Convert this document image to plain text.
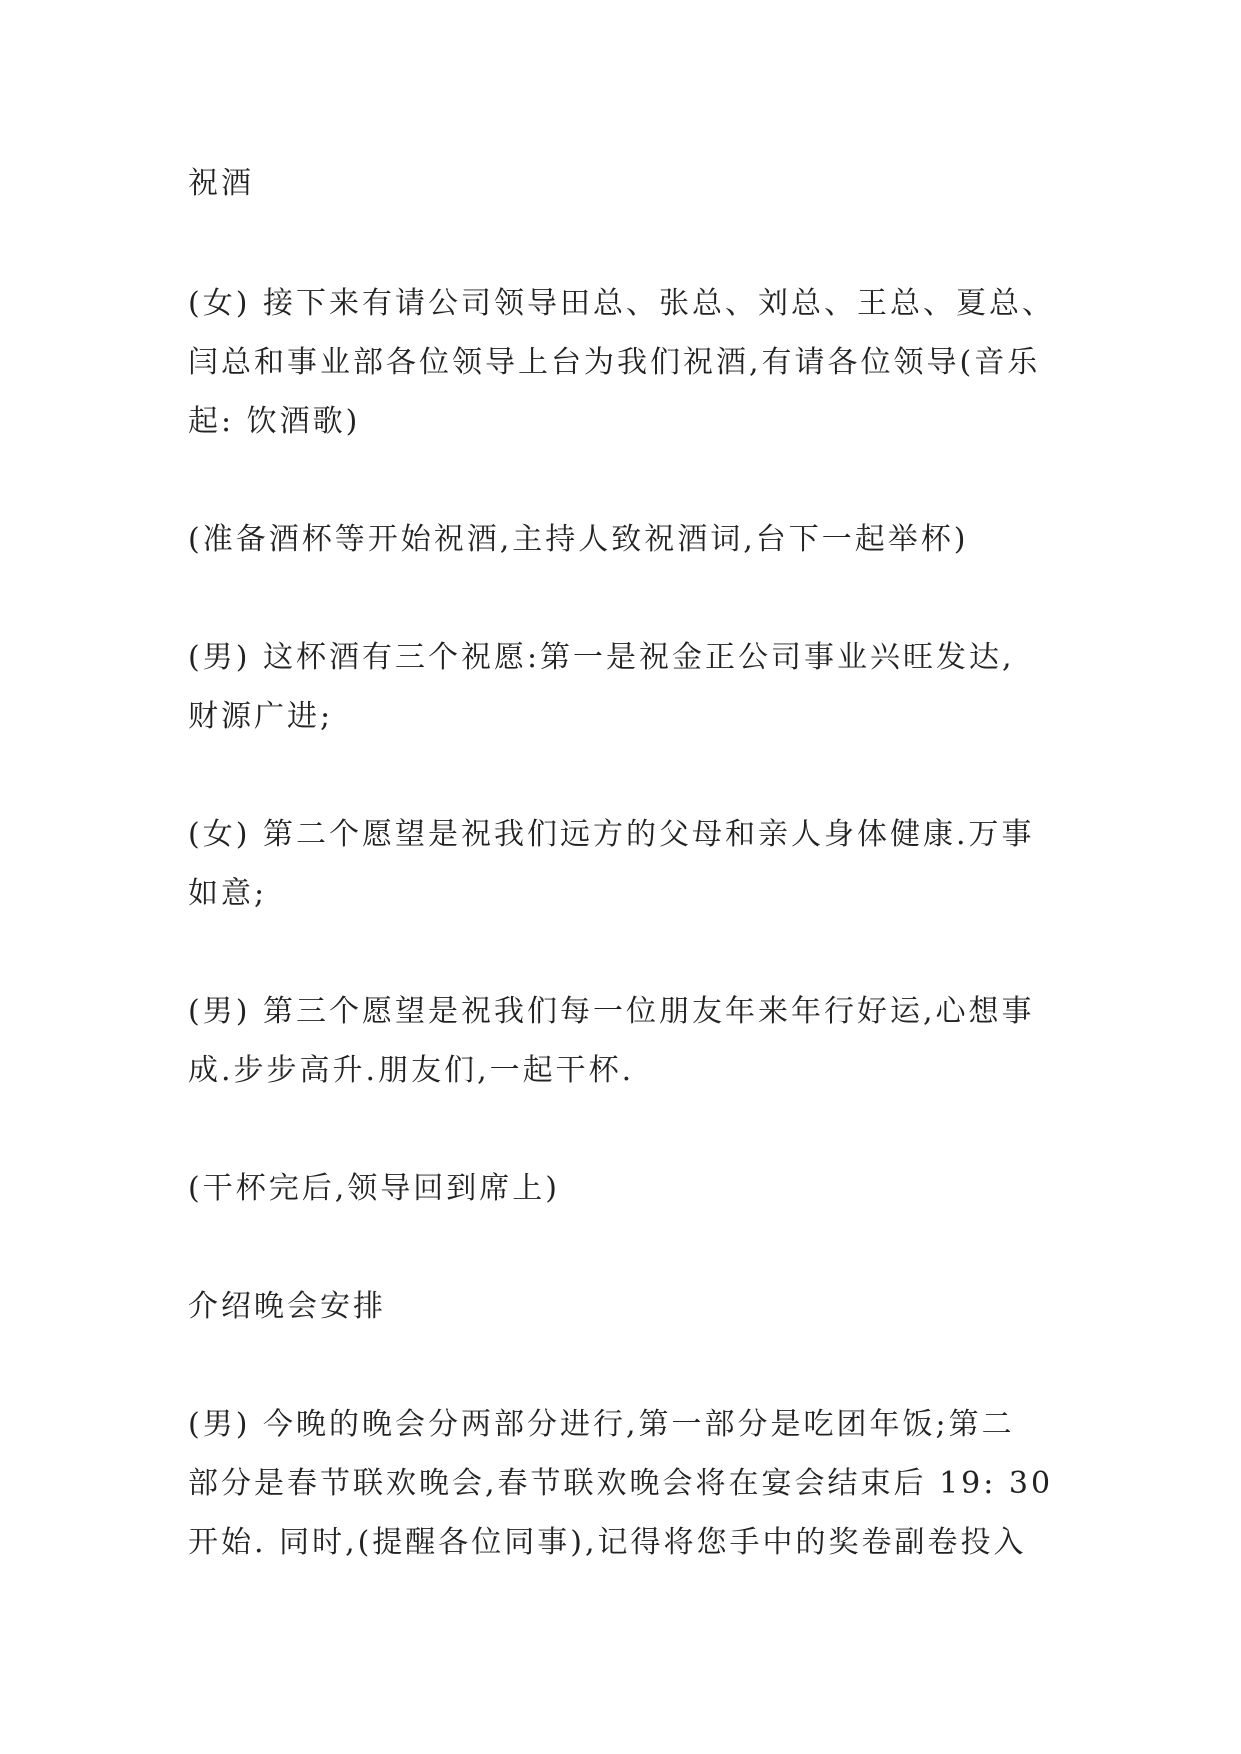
祝酒
(女) 接下来有请公司领导田总、张总、刘总、王总、夏总、
闫总和事业部各位领导上台为我们祝酒,有请各位领导(音乐
起: 饮酒歌)
(准备酒杯等开始祝酒,主持人致祝酒词,台下一起举杯)
(男) 这杯酒有三个祝愿:第一是祝金正公司事业兴旺发达,
财源广进;
(女) 第二个愿望是祝我们远方的父母和亲人身体健康.万事
如意;
(男) 第三个愿望是祝我们每一位朋友年来年行好运,心想事
成.步步高升.朋友们,一起干杯.
(干杯完后,领导回到席上)
介绍晚会安排
(男) 今晚的晚会分两部分进行,第一部分是吃团年饭;第二
部分是春节联欢晚会,春节联欢晚会将在宴会结束后 19: 30
开始. 同时,(提醒各位同事),记得将您手中的奖卷副卷投入
